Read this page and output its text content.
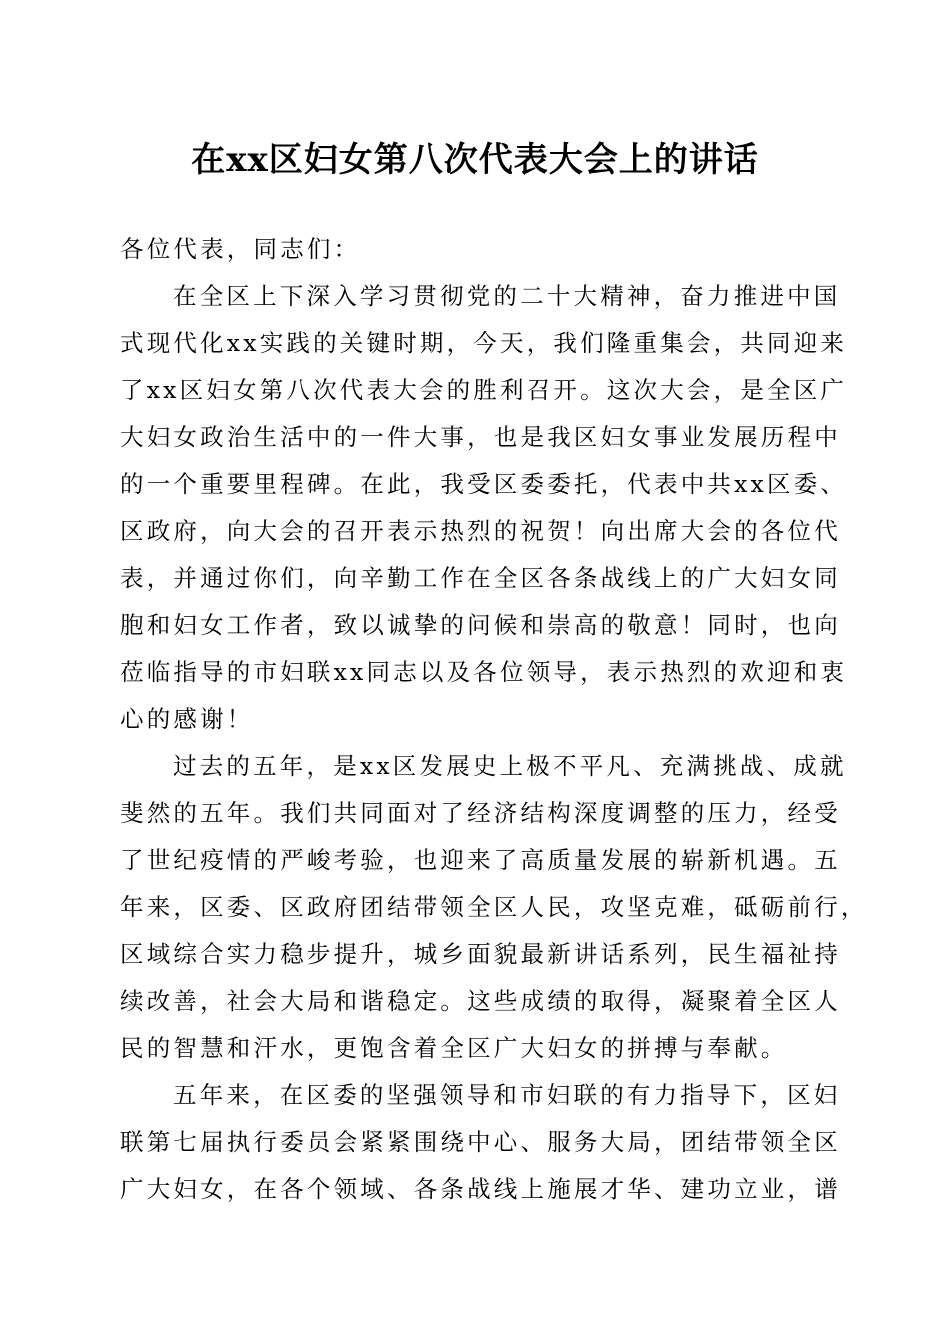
在xx区妇女第八次代表大会上的讲话
各位代表，同志们：
在全区上下深入学习贯彻党的二十大精神，奋力推进中国
式现代化xx实践的关键时期，今天，我们隆重集会，共同迎来
了xx区妇女第八次代表大会的胜利召开。这次大会，是全区广
大妇女政治生活中的一件大事，也是我区妇女事业发展历程中
的一个重要里程碑。在此，我受区委委托，代表中共xx区委、
区政府，向大会的召开表示热烈的祝贺！向出席大会的各位代
表，并通过你们，向辛勤工作在全区各条战线上的广大妇女同
胞和妇女工作者，致以诚挚的问候和崇高的敬意！同时，也向
莅临指导的市妇联xx同志以及各位领导，表示热烈的欢迎和衷
心的感谢！
过去的五年，是xx区发展史上极不平凡、充满挑战、成就
斐然的五年。我们共同面对了经济结构深度调整的压力，经受
了世纪疫情的严峻考验，也迎来了高质量发展的崭新机遇。五
年来，区委、区政府团结带领全区人民，攻坚克难，砥砺前行，
区域综合实力稳步提升，城乡面貌最新讲话系列，民生福祉持
续改善，社会大局和谐稳定。这些成绩的取得，凝聚着全区人
民的智慧和汗水，更饱含着全区广大妇女的拼搏与奉献。
五年来，在区委的坚强领导和市妇联的有力指导下，区妇
联第七届执行委员会紧紧围绕中心、服务大局，团结带领全区
广大妇女，在各个领域、各条战线上施展才华、建功立业，谱
